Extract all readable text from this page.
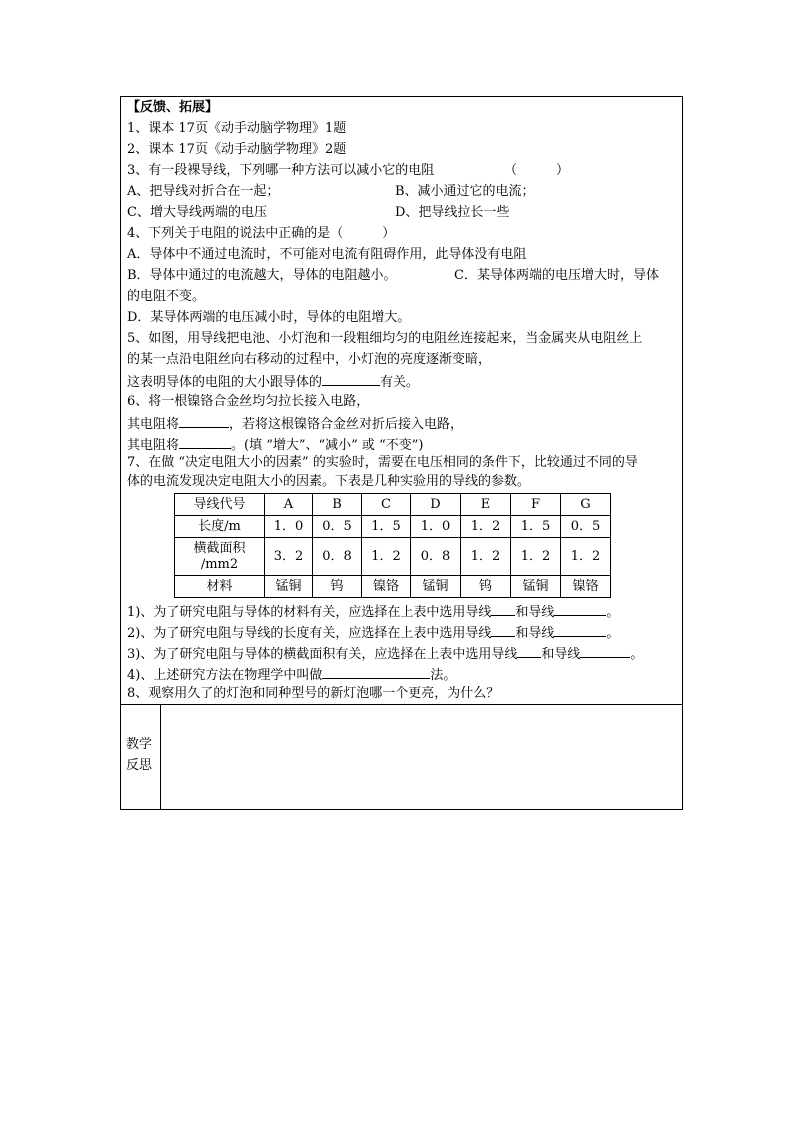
【反馈、拓展】
1、课本 17页《动手动脑学物理》1题
2、课本 17页《动手动脑学物理》2题
3、有一段裸导线，下列哪一种方法可以减小它的电阻	（　　　）
A、把导线对折合在一起；	B、减小通过它的电流；
C、增大导线两端的电压	D、把导线拉长一些
4、下列关于电阻的说法中正确的是（　　　）
A．导体中不通过电流时，不可能对电流有阻碍作用，此导体没有电阻
B．导体中通过的电流越大，导体的电阻越小。	C．某导体两端的电压增大时，导体
的电阻不变。
D．某导体两端的电压减小时，导体的电阻增大。
5、如图，用导线把电池、小灯泡和一段粗细均匀的电阻丝连接起来，当金属夹从电阻丝上
的某一点沿电阻丝向右移动的过程中，小灯泡的亮度逐渐变暗，
这表明导体的电阻的大小跟导体的	有关。
6、将一根镍铬合金丝均匀拉长接入电路，
其电阻将	，若将这根镍铬合金丝对折后接入电路，
其电阻将	。(填 “增大”、“减小” 或 “不变”)
7、在做 “决定电阻大小的因素” 的实验时，需要在电压相同的条件下，比较通过不同的导
体的电流发现决定电阻大小的因素。下表是几种实验用的导线的参数。
导线代号	A	B	C	D	E	F	G
长度/m	1．0	0．5	1．5	1．0	1．2	1．5	0．5
横截面积
/mm2	3．2	0．8	1．2	0．8	1．2	1．2	1．2
材料	锰铜	钨	镍铬	锰铜	钨	锰铜	镍铬
1)、为了研究电阻与导体的材料有关，应选择在上表中选用导线 和导线	。
2)、为了研究电阻与导线的长度有关，应选择在上表中选用导线 和导线	。
3)、为了研究电阻与导体的横截面积有关，应选择在上表中选用导线 和导线	。
4)、上述研究方法在物理学中叫做	法。
8、观察用久了的灯泡和同种型号的新灯泡哪一个更亮，为什么？
教学
反思
